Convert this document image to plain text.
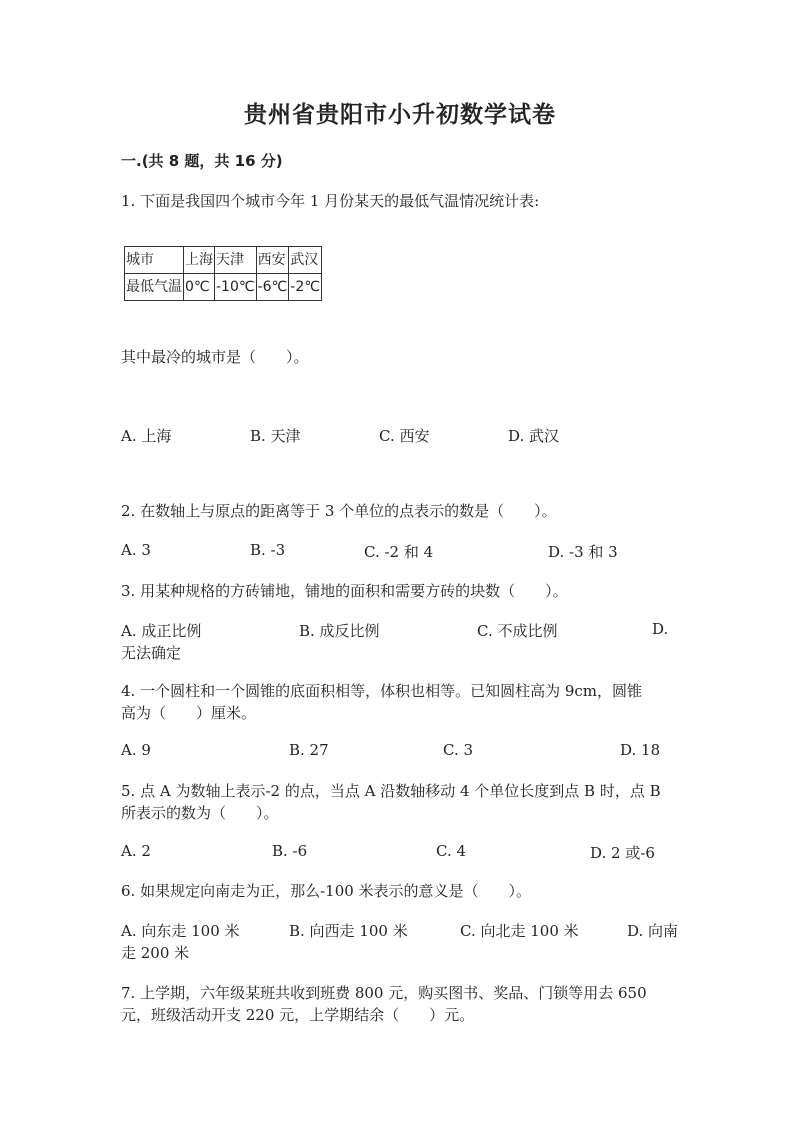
贵州省贵阳市小升初数学试卷
一.(共 8 题，共 16 分)
1. 下面是我国四个城市今年 1 月份某天的最低气温情况统计表:
城市	上海	天津	西安	武汉
最低气温	0℃	-10℃	-6℃	-2℃
其中最冷的城市是（　　）。
A. 上海	B. 天津	C. 西安	D. 武汉
2. 在数轴上与原点的距离等于 3 个单位的点表示的数是（　　）。
A. 3	B. -3	C. -2 和 4	D. -3 和 3
3. 用某种规格的方砖铺地，铺地的面积和需要方砖的块数（　　）。
A. 成正比例	B. 成反比例	C. 不成比例	D.
无法确定
4. 一个圆柱和一个圆锥的底面积相等，体积也相等。已知圆柱高为 9cm，圆锥
高为（　　）厘米。
A. 9	B. 27	C. 3	D. 18
5. 点 A 为数轴上表示-2 的点，当点 A 沿数轴移动 4 个单位长度到点 B 时，点 B
所表示的数为（　　）。
A. 2	B. -6	C. 4	D. 2 或-6
6. 如果规定向南走为正，那么-100 米表示的意义是（　　）。
A. 向东走 100 米	B. 向西走 100 米	C. 向北走 100 米	D. 向南
走 200 米
7. 上学期，六年级某班共收到班费 800 元，购买图书、奖品、门锁等用去 650
元，班级活动开支 220 元，上学期结余（　　）元。
